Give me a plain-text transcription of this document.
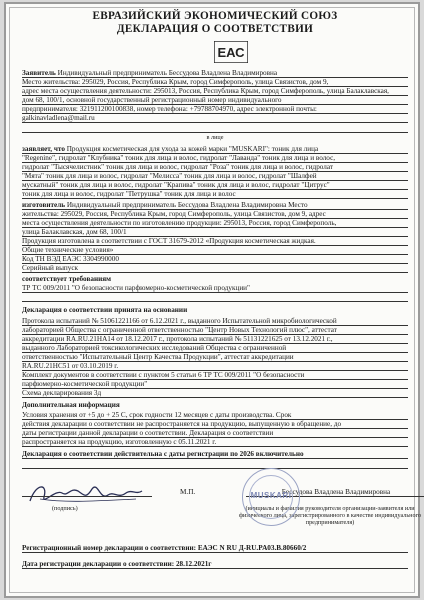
ЕВРАЗИЙСКИЙ ЭКОНОМИЧЕСКИЙ СОЮЗ
ДЕКЛАРАЦИЯ О СООТВЕТСТВИИ
ЕАС
Заявитель Индивидуальный предприниматель Бессудова Владлена Владимировна
Место жительства: 295029, Россия, Республика Крым, город Симферополь, улица Связистов, дом 9,
адрес места осуществления деятельности: 295013, Россия, Республика Крым, город Симферополь, улица Балаклавская,
дом 68, 100/1, основной государственный регистрационный номер индивидуального
предпринимателя: 321911200100838, номер телефона: +79788704970, адрес электронной почты:
galkinavladlena@mail.ru
в лице
заявляет, что Продукция косметическая для ухода за кожей марки "MUSKARI": тоник для лица
"Regenine", гидролат "Клубника" тоник для лица и волос, гидролат "Лаванда" тоник для лица и волос,
гидролат "Тысячелистник" тоник для лица и волос, гидролат "Роза" тоник для лица и волос, гидролат
"Мята" тоник для лица и волос, гидролат "Мелисса" тоник для лица и волос, гидролат "Шалфей
мускатный" тоник для лица и волос, гидролат "Крапива" тоник для лица и волос, гидролат "Цитрус"
тоник для лица и волос, гидролат "Петрушка" тоник для лица и волос
изготовитель Индивидуальный предприниматель Бессудова Владлена Владимировна Место
жительства: 295029, Россия, Республика Крым, город Симферополь, улица Связистов, дом 9, адрес
места осуществления деятельности по изготовлению продукции: 295013, Россия, город Симферополь,
улица Балаклавская, дом 68, 100/1
Продукция изготовлена в соответствии с ГОСТ 31679-2012 «Продукция косметическая жидкая.
Общие технические условия»
Код ТН ВЭД ЕАЭС 3304990000
Серийный выпуск
соответствует требованиям
ТР ТС 009/2011 "О безопасности парфюмерно-косметической продукции"
Декларация о соответствии принята на основании
Протокола испытаний № 51061221166 от 6.12.2021 г., выданного Испытательной микробиологической
лабораторией Общества с ограниченной ответственностью "Центр Новых Технологий плюс", аттестат
аккредитации RA.RU.21НА14 от 18.12.2017 г., протокола испытаний № 51131221625 от 13.12.2021 г.,
выданного Лабораторией токсикологических исследований Общества с ограниченной
ответственностью "Испытательный Центр Качества Продукции", аттестат аккредитации
RA.RU.21НС51 от 03.10.2019 г.
Комплект документов в соответствии с пунктом 5 статьи 6 ТР ТС 009/2011 "О безопасности
парфюмерно-косметической продукции"
Схема декларирования 3д
Дополнительная информация
Условия хранения от +5 до + 25 С, срок годности 12 месяцев с даты производства. Срок
действия декларации о соответствии не распространяется на продукцию, выпущенную в обращение, до
даты регистрации данной декларации о соответствии. Декларация о соответствии
распространяется на продукцию, изготовленную с 05.11.2021 г.
Декларация о соответствии действительна с даты регистрации по 2026 включительно
М.П.	Бессудова Владлена Владимировна
(подпись)	(инициалы и фамилия руководителя организации-заявителя или физического лица, зарегистрированного в качестве индивидуального предпринимателя)
Регистрационный номер декларации о соответствии: ЕАЭС N RU Д-RU.PA03.B.80660/2
Дата регистрации декларации о соответствии: 28.12.2021г
MUSKARI
